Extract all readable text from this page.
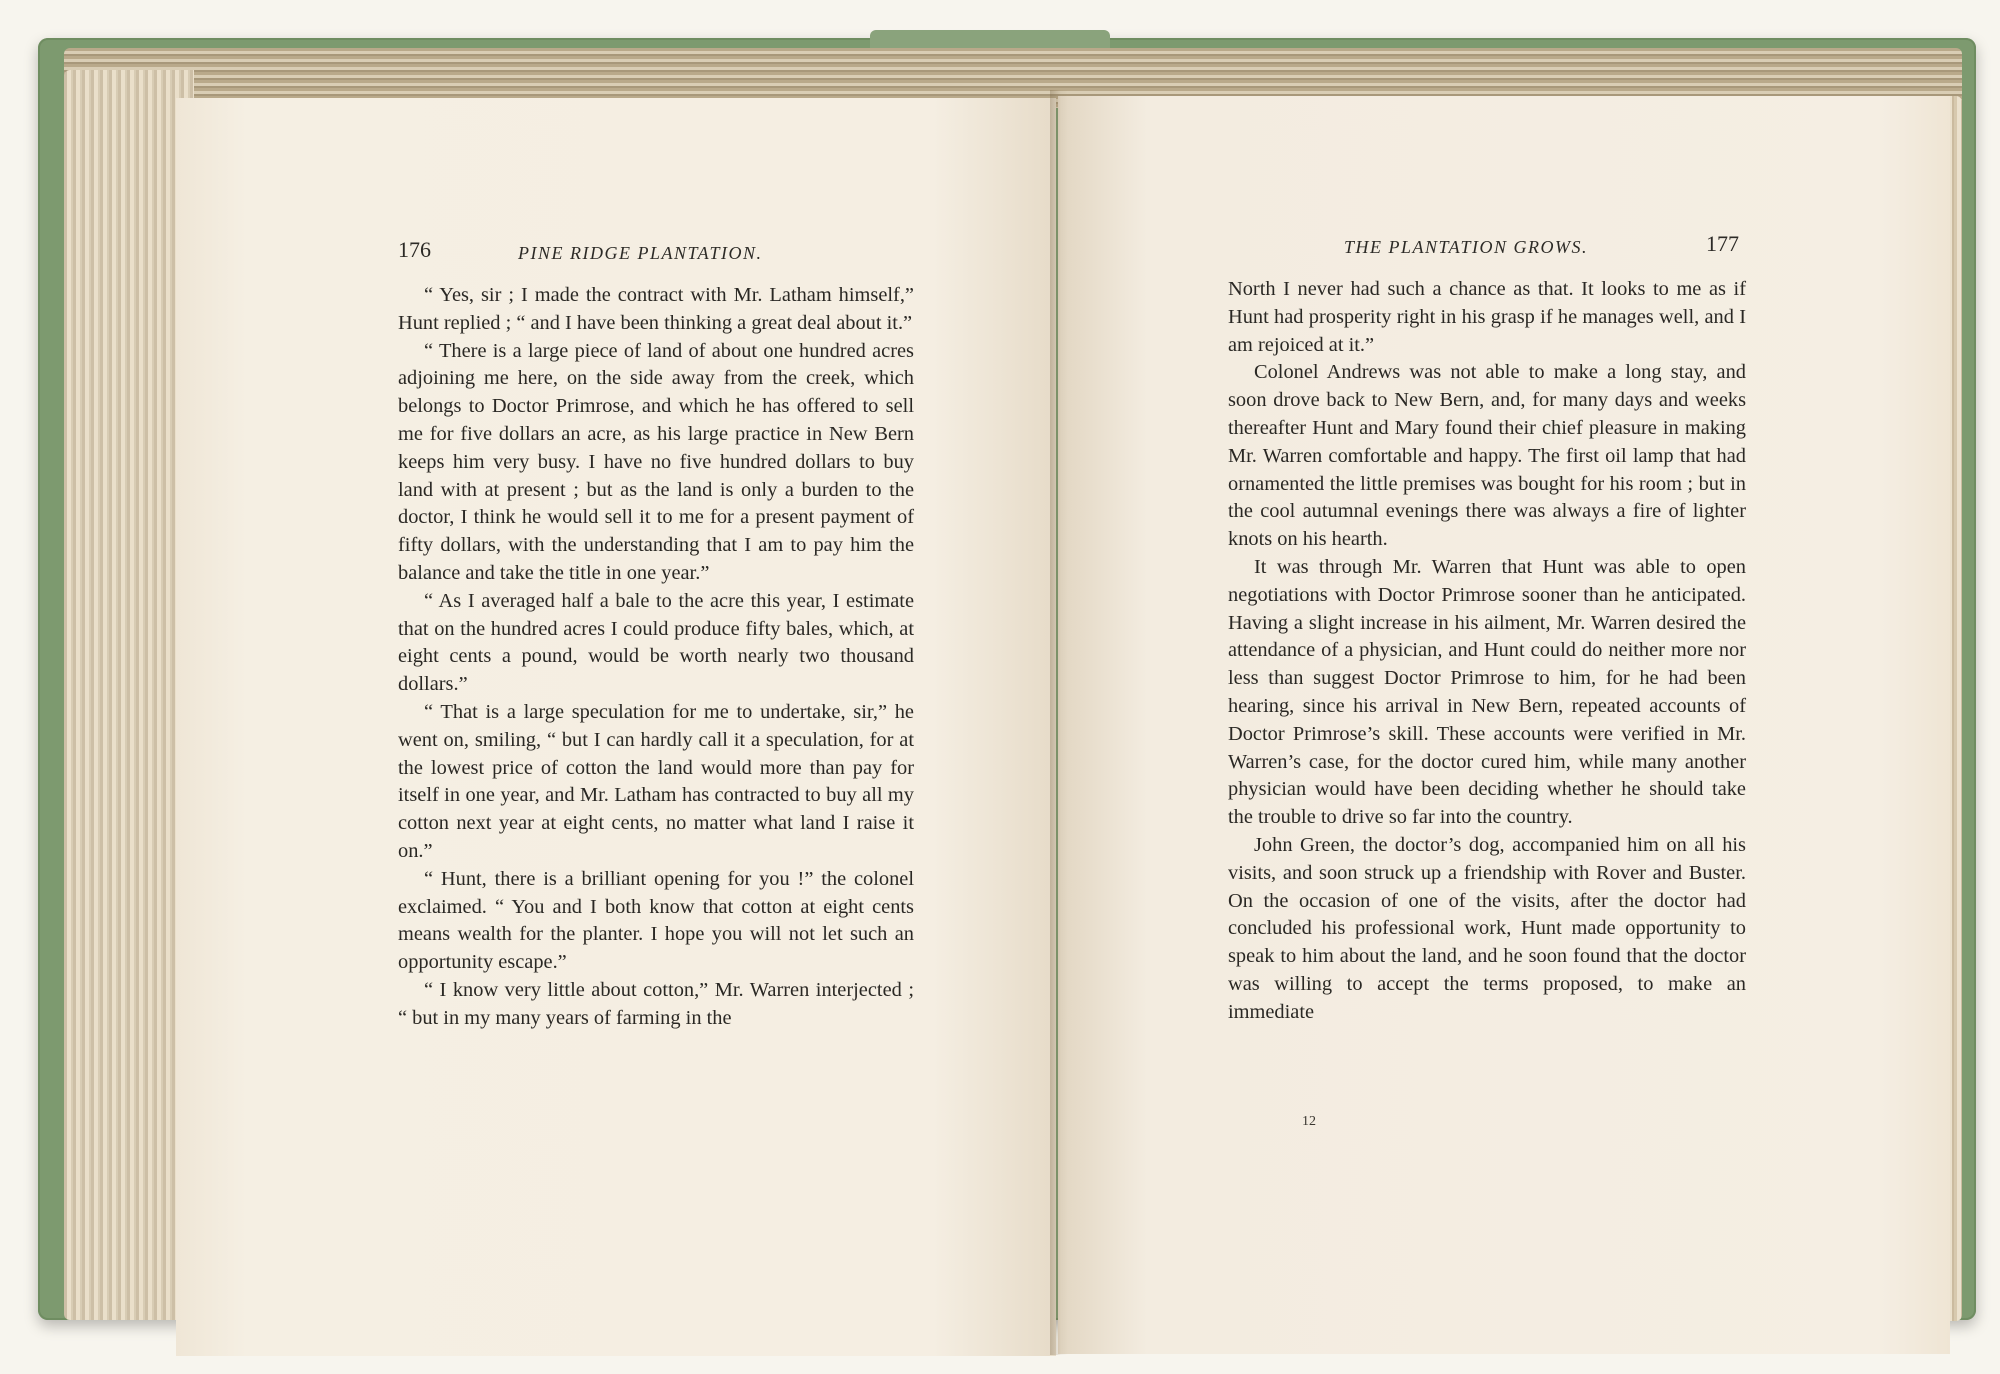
176	PINE RIDGE PLANTATION.

“ Yes, sir ; I made the contract with Mr. Latham himself,” Hunt replied ; “ and I have been thinking a great deal about it.”

“ There is a large piece of land of about one hundred acres adjoining me here, on the side away from the creek, which belongs to Doctor Primrose, and which he has offered to sell me for five dollars an acre, as his large practice in New Bern keeps him very busy. I have no five hundred dollars to buy land with at present ; but as the land is only a burden to the doctor, I think he would sell it to me for a present payment of fifty dollars, with the understanding that I am to pay him the balance and take the title in one year.”

“ As I averaged half a bale to the acre this year, I estimate that on the hundred acres I could produce fifty bales, which, at eight cents a pound, would be worth nearly two thousand dollars.”

“ That is a large speculation for me to undertake, sir,” he went on, smiling, “ but I can hardly call it a speculation, for at the lowest price of cotton the land would more than pay for itself in one year, and Mr. Latham has contracted to buy all my cotton next year at eight cents, no matter what land I raise it on.”

“ Hunt, there is a brilliant opening for you !” the colonel exclaimed. “ You and I both know that cotton at eight cents means wealth for the planter. I hope you will not let such an opportunity escape.”

“ I know very little about cotton,” Mr. Warren interjected ; “ but in my many years of farming in the

THE PLANTATION GROWS.	177

North I never had such a chance as that. It looks to me as if Hunt had prosperity right in his grasp if he manages well, and I am rejoiced at it.”

Colonel Andrews was not able to make a long stay, and soon drove back to New Bern, and, for many days and weeks thereafter Hunt and Mary found their chief pleasure in making Mr. Warren comfortable and happy. The first oil lamp that had ornamented the little premises was bought for his room ; but in the cool autumnal evenings there was always a fire of lighter knots on his hearth.

It was through Mr. Warren that Hunt was able to open negotiations with Doctor Primrose sooner than he anticipated. Having a slight increase in his ailment, Mr. Warren desired the attendance of a physician, and Hunt could do neither more nor less than suggest Doctor Primrose to him, for he had been hearing, since his arrival in New Bern, repeated accounts of Doctor Primrose’s skill. These accounts were verified in Mr. Warren’s case, for the doctor cured him, while many another physician would have been deciding whether he should take the trouble to drive so far into the country.

John Green, the doctor’s dog, accompanied him on all his visits, and soon struck up a friendship with Rover and Buster. On the occasion of one of the visits, after the doctor had concluded his professional work, Hunt made opportunity to speak to him about the land, and he soon found that the doctor was willing to accept the terms proposed, to make an immediate

12
